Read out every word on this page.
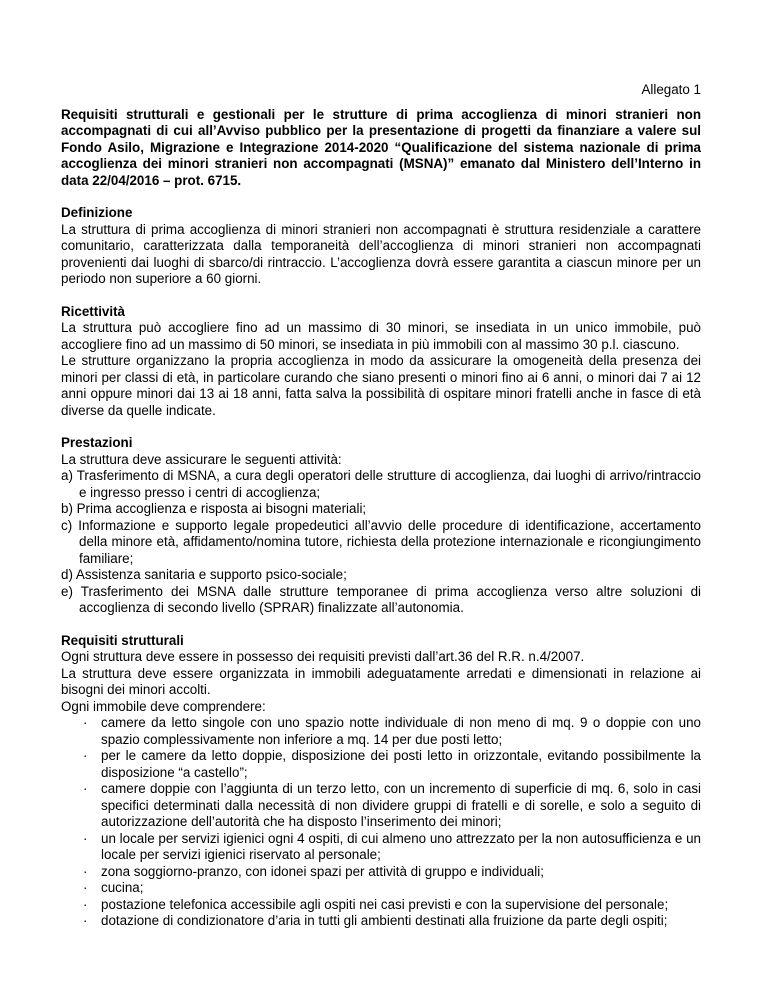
Allegato 1

Requisiti strutturali e gestionali per le strutture di prima accoglienza di minori stranieri non accompagnati di cui all’Avviso pubblico per la presentazione di progetti da finanziare a valere sul Fondo Asilo, Migrazione e Integrazione 2014-2020 “Qualificazione del sistema nazionale di prima accoglienza dei minori stranieri non accompagnati (MSNA)” emanato dal Ministero dell’Interno in data 22/04/2016 – prot. 6715.

Definizione

La struttura di prima accoglienza di minori stranieri non accompagnati è struttura residenziale a carattere comunitario, caratterizzata dalla temporaneità dell’accoglienza di minori stranieri non accompagnati provenienti dai luoghi di sbarco/di rintraccio. L’accoglienza dovrà essere garantita a ciascun minore per un periodo non superiore a 60 giorni.

Ricettività

La struttura può accogliere fino ad un massimo di 30 minori, se insediata in un unico immobile, può accogliere fino ad un massimo di 50 minori, se insediata in più immobili con al massimo 30 p.l. ciascuno.

Le strutture organizzano la propria accoglienza in modo da assicurare la omogeneità della presenza dei minori per classi di età, in particolare curando che siano presenti o minori fino ai 6 anni, o minori dai 7 ai 12 anni oppure minori dai 13 ai 18 anni, fatta salva la possibilità di ospitare minori fratelli anche in fasce di età diverse da quelle indicate.

Prestazioni

La struttura deve assicurare le seguenti attività:

a) Trasferimento di MSNA, a cura degli operatori delle strutture di accoglienza, dai luoghi di arrivo/rintraccio e ingresso presso i centri di accoglienza;
b) Prima accoglienza e risposta ai bisogni materiali;
c) Informazione e supporto legale propedeutici all’avvio delle procedure di identificazione, accertamento della minore età, affidamento/nomina tutore, richiesta della protezione internazionale e ricongiungimento familiare;
d) Assistenza sanitaria e supporto psico-sociale;
e) Trasferimento dei MSNA dalle strutture temporanee di prima accoglienza verso altre soluzioni di accoglienza di secondo livello (SPRAR) finalizzate all’autonomia.
Requisiti strutturali

Ogni struttura deve essere in possesso dei requisiti previsti dall’art.36 del R.R. n.4/2007.

La struttura deve essere organizzata in immobili adeguatamente arredati e dimensionati in relazione ai bisogni dei minori accolti.

Ogni immobile deve comprendere:

· camere da letto singole con uno spazio notte individuale di non meno di mq. 9 o doppie con uno spazio complessivamente non inferiore a mq. 14 per due posti letto;
· per le camere da letto doppie, disposizione dei posti letto in orizzontale, evitando possibilmente la disposizione “a castello”;
· camere doppie con l’aggiunta di un terzo letto, con un incremento di superficie di mq. 6, solo in casi specifici determinati dalla necessità di non dividere gruppi di fratelli e di sorelle, e solo a seguito di autorizzazione dell’autorità che ha disposto l’inserimento dei minori;
· un locale per servizi igienici ogni 4 ospiti, di cui almeno uno attrezzato per la non autosufficienza e un locale per servizi igienici riservato al personale;
· zona soggiorno-pranzo, con idonei spazi per attività di gruppo e individuali;
· cucina;
· postazione telefonica accessibile agli ospiti nei casi previsti e con la supervisione del personale;
· dotazione di condizionatore d’aria in tutti gli ambienti destinati alla fruizione da parte degli ospiti;
